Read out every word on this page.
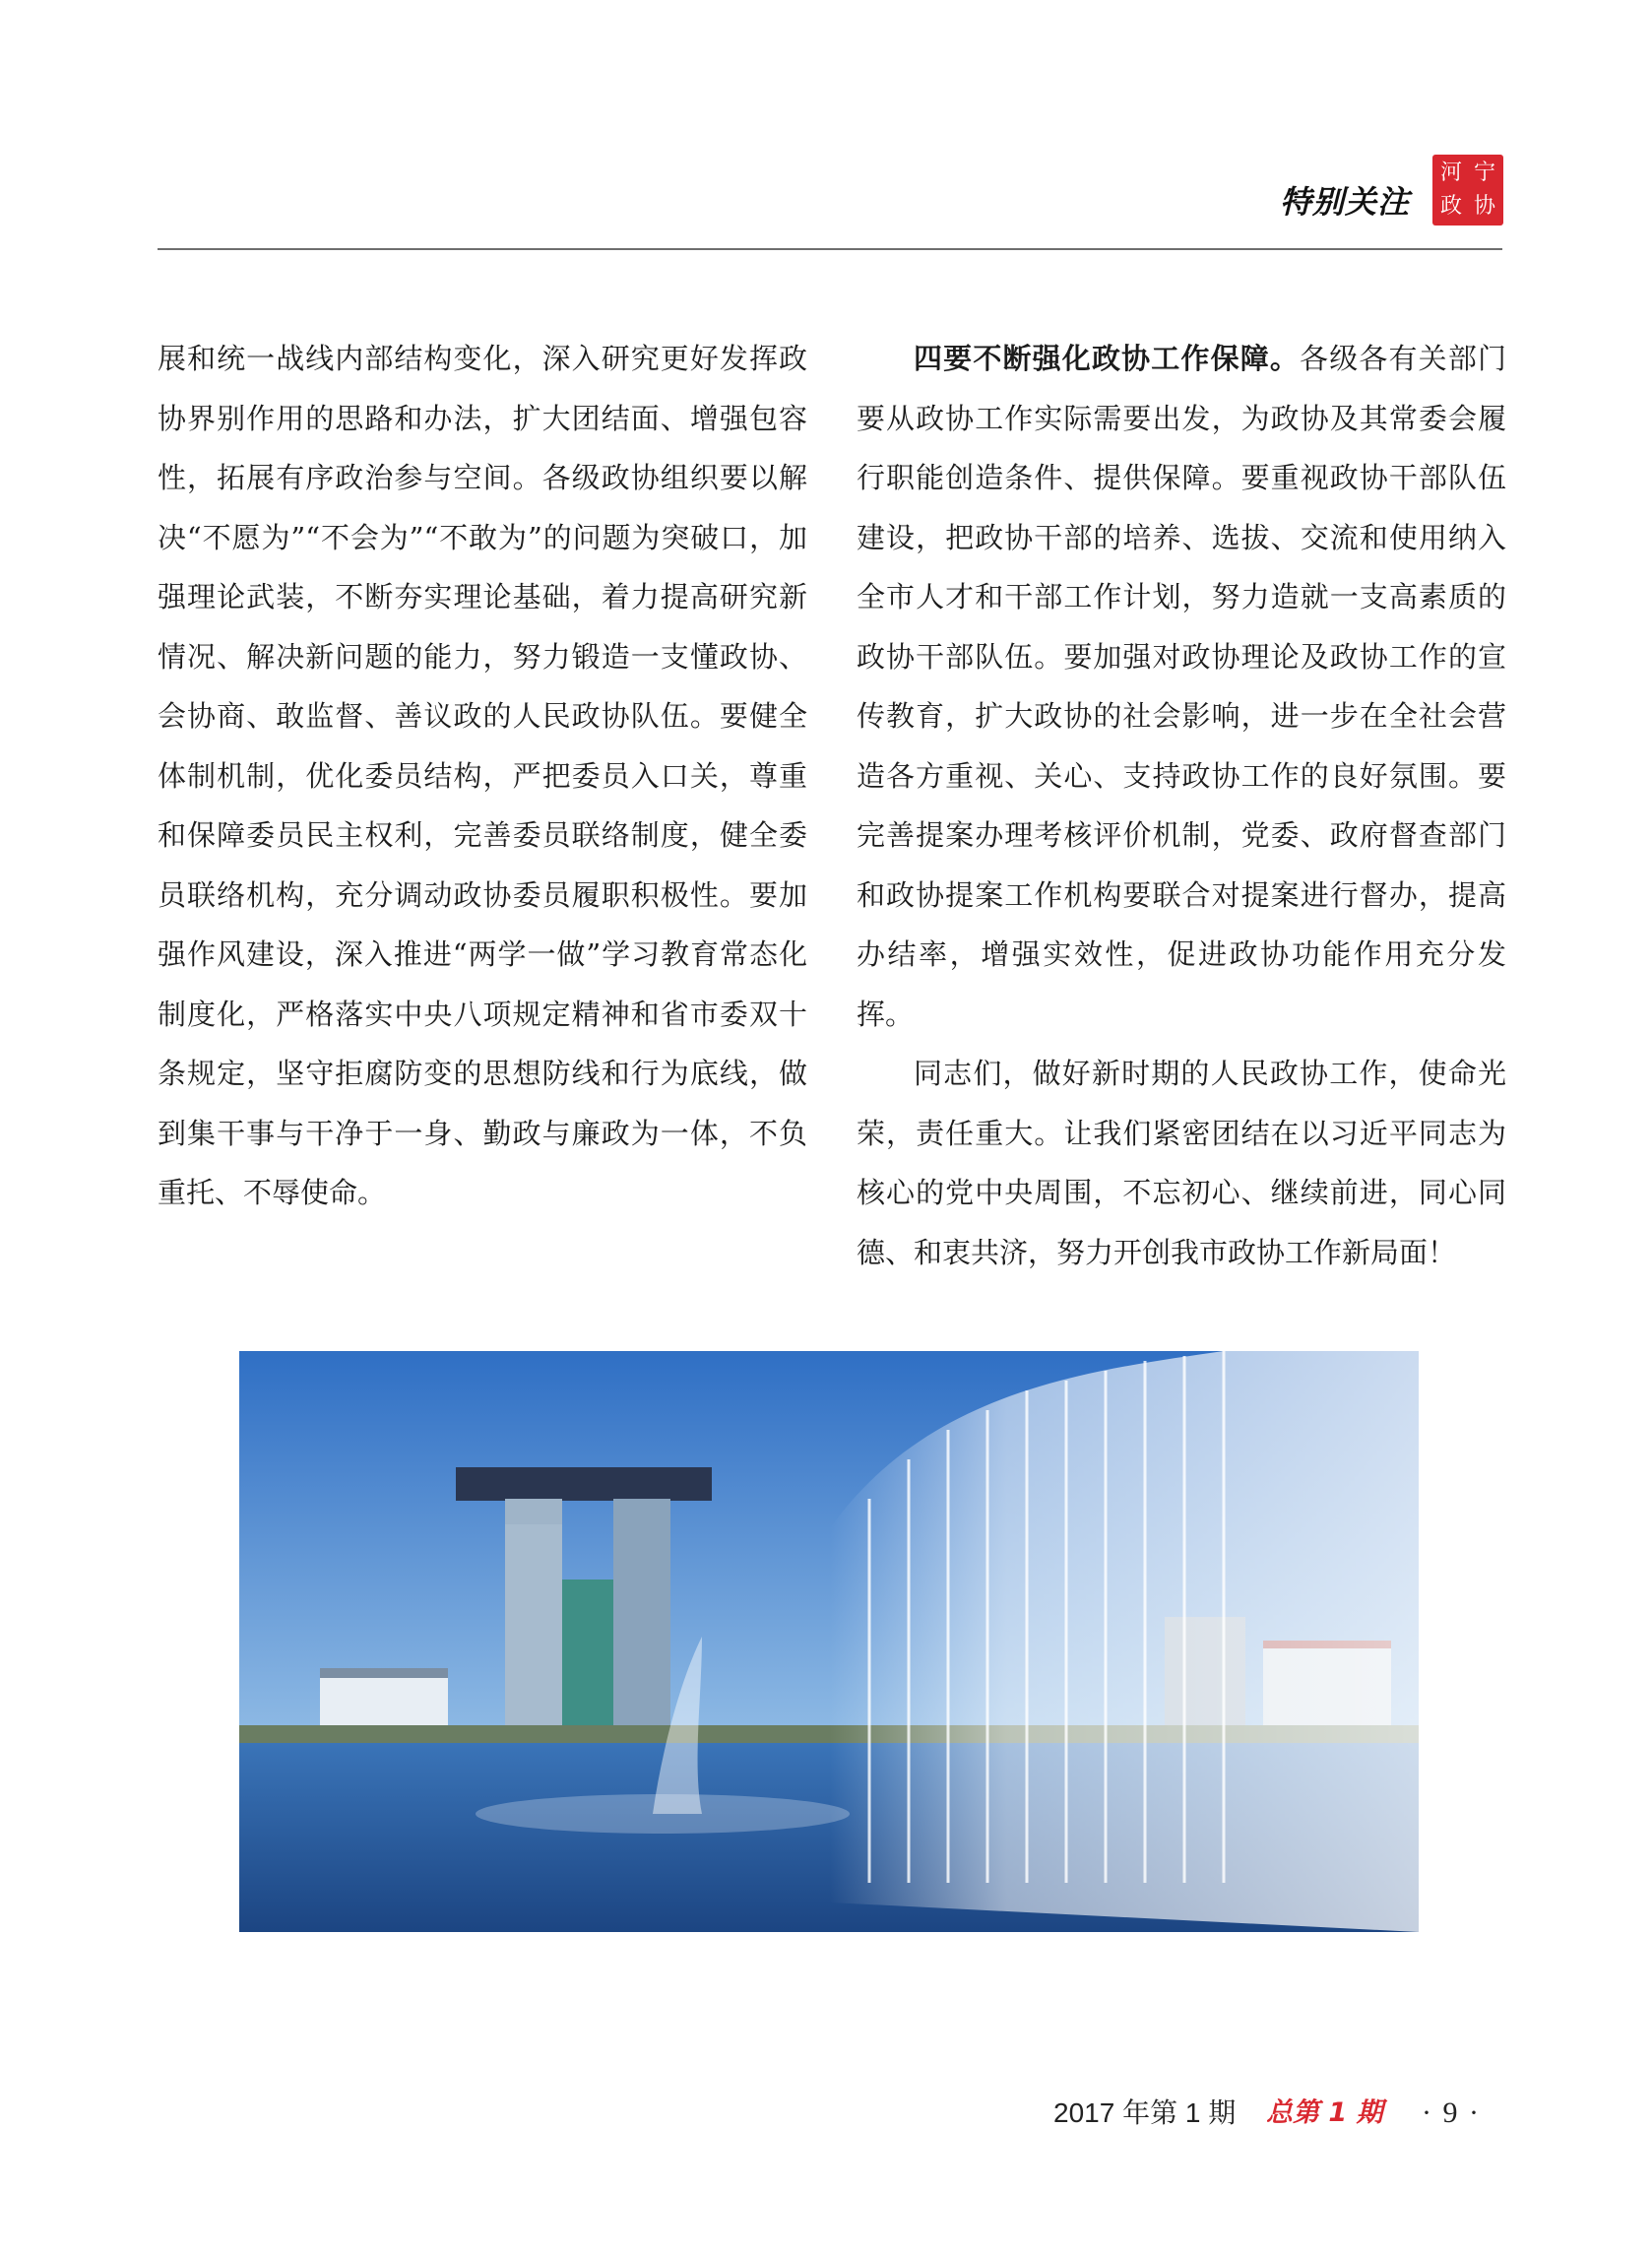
特别关注
宁
协
河
政

展和统一战线内部结构变化，深入研究更好发挥政协界别作用的思路和办法，扩大团结面、增强包容性，拓展有序政治参与空间。各级政协组织要以解决“不愿为”“不会为”“不敢为”的问题为突破口，加强理论武装，不断夯实理论基础，着力提高研究新情况、解决新问题的能力，努力锻造一支懂政协、会协商、敢监督、善议政的人民政协队伍。要健全体制机制，优化委员结构，严把委员入口关，尊重和保障委员民主权利，完善委员联络制度，健全委员联络机构，充分调动政协委员履职积极性。要加强作风建设，深入推进“两学一做”学习教育常态化制度化，严格落实中央八项规定精神和省市委双十条规定，坚守拒腐防变的思想防线和行为底线，做到集干事与干净于一身、勤政与廉政为一体，不负重托、不辱使命。

四要不断强化政协工作保障。各级各有关部门要从政协工作实际需要出发，为政协及其常委会履行职能创造条件、提供保障。要重视政协干部队伍建设，把政协干部的培养、选拔、交流和使用纳入全市人才和干部工作计划，努力造就一支高素质的政协干部队伍。要加强对政协理论及政协工作的宣传教育，扩大政协的社会影响，进一步在全社会营造各方重视、关心、支持政协工作的良好氛围。要完善提案办理考核评价机制，党委、政府督查部门和政协提案工作机构要联合对提案进行督办，提高办结率，增强实效性，促进政协功能作用充分发挥。

同志们，做好新时期的人民政协工作，使命光荣，责任重大。让我们紧密团结在以习近平同志为核心的党中央周围，不忘初心、继续前进，同心同德、和衷共济，努力开创我市政协工作新局面！

2017 年第 1 期 总第 1 期 · 9 ·
